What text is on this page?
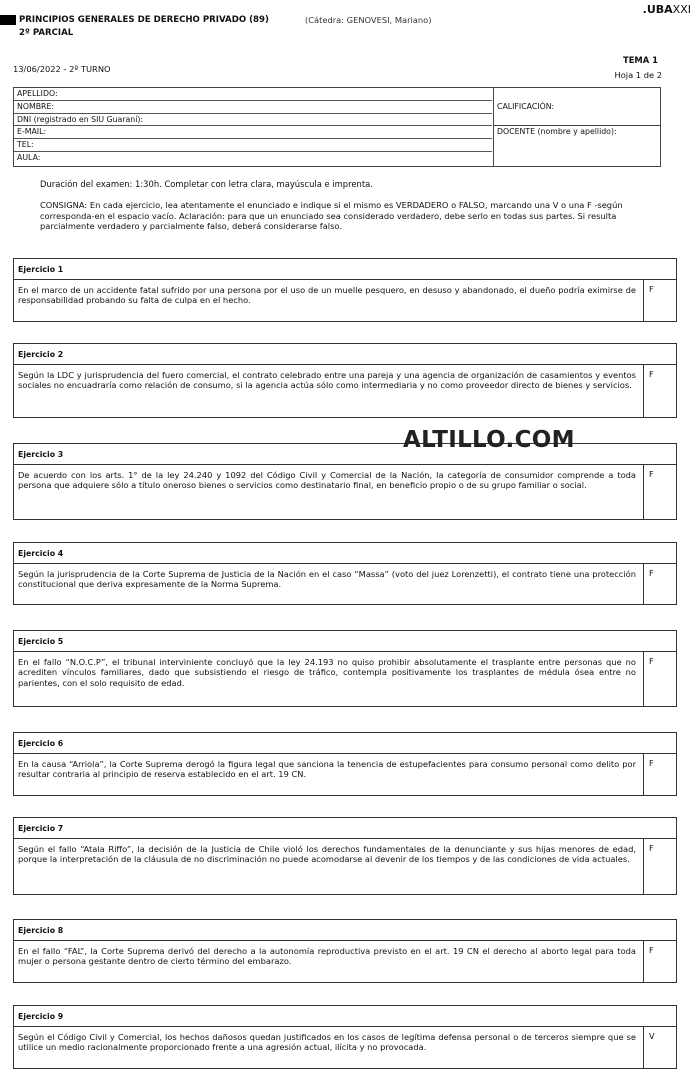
PRINCIPIOS GENERALES DE DERECHO PRIVADO (89)	(Cátedra: GENOVESI, Mariano)
2º PARCIAL
.UBAXXI
13/06/2022 - 2º TURNO
TEMA 1
Hoja 1 de 2
APELLIDO:
NOMBRE:
DNI (registrado en SIU Guaraní):
E-MAIL:
TEL:
AULA:
CALIFICACIÓN:
DOCENTE (nombre y apellido):
Duración del examen: 1:30h. Completar con letra clara, mayúscula e imprenta.
CONSIGNA: En cada ejercicio, lea atentamente el enunciado e indique si el mismo es VERDADERO o FALSO, marcando una V o una F -según corresponda-en el espacio vacío. Aclaración: para que un enunciado sea considerado verdadero, debe serlo en todas sus partes. Si resulta parcialmente verdadero y parcialmente falso, deberá considerarse falso.
Ejercicio 1
En el marco de un accidente fatal sufrido por una persona por el uso de un muelle pesquero, en desuso y abandonado, el dueño podría eximirse de responsabilidad probando su falta de culpa en el hecho.
F
Ejercicio 2
Según la LDC y jurisprudencia del fuero comercial, el contrato celebrado entre una pareja y una agencia de organización de casamientos y eventos sociales no encuadraría como relación de consumo, si la agencia actúa sólo como intermediaria y no como proveedor directo de bienes y servicios.
F
Ejercicio 3
De acuerdo con los arts. 1° de la ley 24.240 y 1092 del Código Civil y Comercial de la Nación, la categoría de consumidor comprende a toda persona que adquiere sólo a título oneroso bienes o servicios como destinatario final, en beneficio propio o de su grupo familiar o social.
F
Ejercicio 4
Según la jurisprudencia de la Corte Suprema de Justicia de la Nación en el caso “Massa” (voto del juez Lorenzetti), el contrato tiene una protección constitucional que deriva expresamente de la Norma Suprema.
F
Ejercicio 5
En el fallo “N.O.C.P”, el tribunal interviniente concluyó que la ley 24.193 no quiso prohibir absolutamente el trasplante entre personas que no acrediten vínculos familiares, dado que subsistiendo el riesgo de tráfico, contempla positivamente los trasplantes de médula ósea entre no parientes, con el solo requisito de edad.
F
Ejercicio 6
En la causa “Arriola”, la Corte Suprema derogó la figura legal que sanciona la tenencia de estupefacientes para consumo personal como delito por resultar contraria al principio de reserva establecido en el art. 19 CN.
F
Ejercicio 7
Según el fallo “Atala Riffo”, la decisión de la Justicia de Chile violó los derechos fundamentales de la denunciante y sus hijas menores de edad, porque la interpretación de la cláusula de no discriminación no puede acomodarse al devenir de los tiempos y de las condiciones de vida actuales.
F
Ejercicio 8
En el fallo “FAL”, la Corte Suprema derivó del derecho a la autonomía reproductiva previsto en el art. 19 CN el derecho al aborto legal para toda mujer o persona gestante dentro de cierto término del embarazo.
F
Ejercicio 9
Según el Código Civil y Comercial, los hechos dañosos quedan justificados en los casos de legítima defensa personal o de terceros siempre que se utilice un medio racionalmente proporcionado frente a una agresión actual, ilícita y no provocada.
V
ALTILLO.COM
